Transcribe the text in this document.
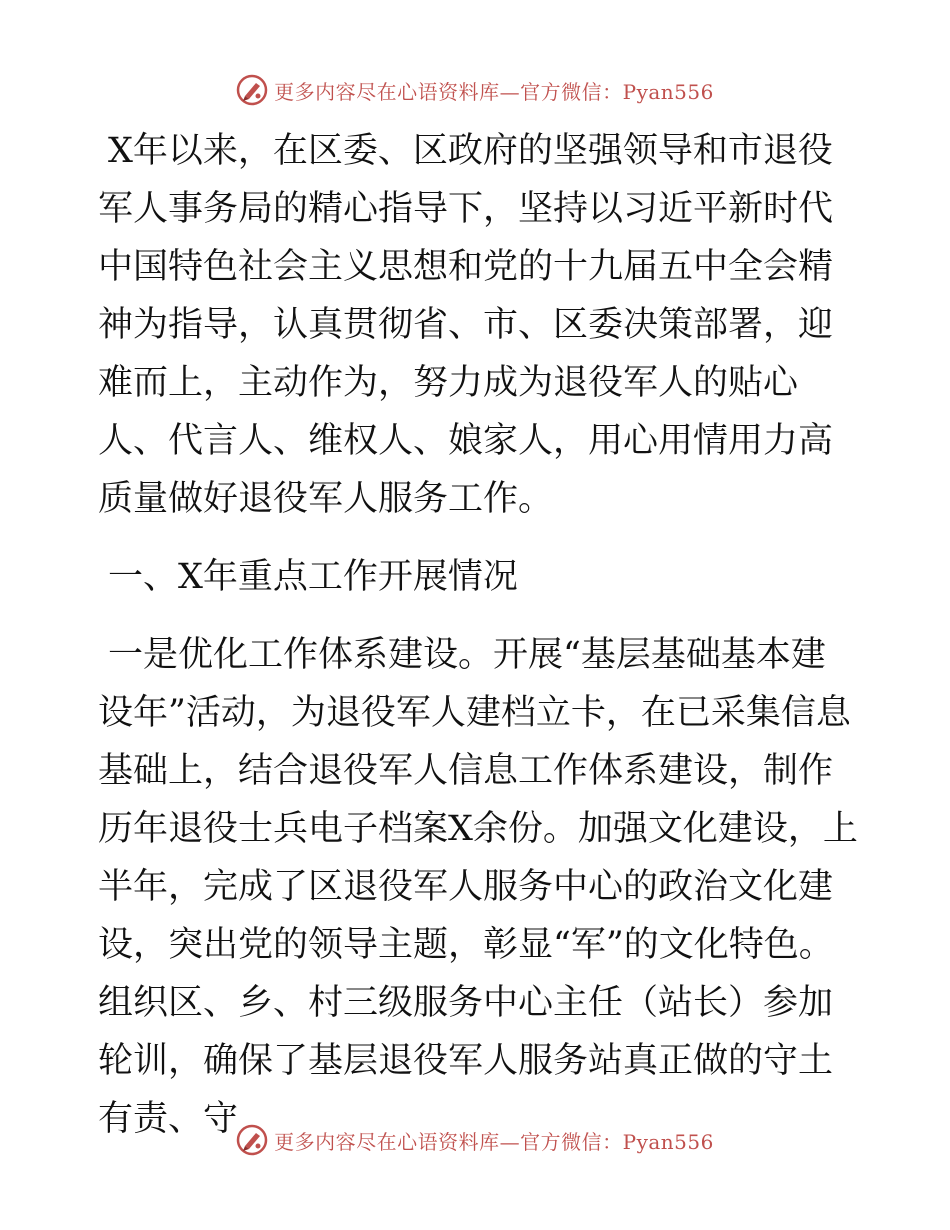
更多内容尽在心语资料库—官方微信：Pyan556

X年以来，在区委、区政府的坚强领导和市退役军人事务局的精心指导下，坚持以习近平新时代中国特色社会主义思想和党的十九届五中全会精神为指导，认真贯彻省、市、区委决策部署，迎难而上，主动作为，努力成为退役军人的贴心人、代言人、维权人、娘家人，用心用情用力高质量做好退役军人服务工作。

一、X年重点工作开展情况

一是优化工作体系建设。开展“基层基础基本建设年”活动，为退役军人建档立卡，在已采集信息基础上，结合退役军人信息工作体系建设，制作历年退役士兵电子档案X余份。加强文化建设，上半年，完成了区退役军人服务中心的政治文化建设，突出党的领导主题，彰显“军”的文化特色。组织区、乡、村三级服务中心主任（站长）参加轮训，确保了基层退役军人服务站真正做的守土有责、守

更多内容尽在心语资料库—官方微信：Pyan556
